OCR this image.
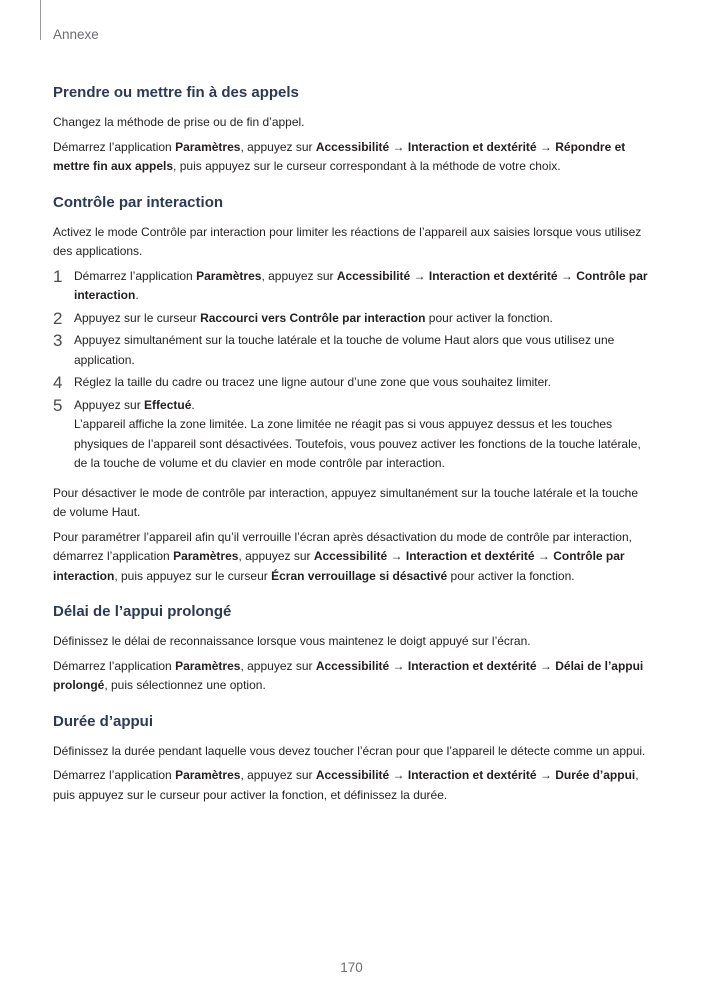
Annexe
Prendre ou mettre fin à des appels

Changez la méthode de prise ou de fin d’appel.

Démarrez l’application Paramètres, appuyez sur Accessibilité → Interaction et dextérité → Répondre et mettre fin aux appels, puis appuyez sur le curseur correspondant à la méthode de votre choix.

Contrôle par interaction

Activez le mode Contrôle par interaction pour limiter les réactions de l’appareil aux saisies lorsque vous utilisez des applications.

1 Démarrez l’application Paramètres, appuyez sur Accessibilité → Interaction et dextérité → Contrôle par interaction.

2 Appuyez sur le curseur Raccourci vers Contrôle par interaction pour activer la fonction.

3 Appuyez simultanément sur la touche latérale et la touche de volume Haut alors que vous utilisez une application.

4 Réglez la taille du cadre ou tracez une ligne autour d’une zone que vous souhaitez limiter.

5 Appuyez sur Effectué.

L’appareil affiche la zone limitée. La zone limitée ne réagit pas si vous appuyez dessus et les touches physiques de l’appareil sont désactivées. Toutefois, vous pouvez activer les fonctions de la touche latérale, de la touche de volume et du clavier en mode contrôle par interaction.

Pour désactiver le mode de contrôle par interaction, appuyez simultanément sur la touche latérale et la touche de volume Haut.

Pour paramétrer l’appareil afin qu’il verrouille l’écran après désactivation du mode de contrôle par interaction, démarrez l’application Paramètres, appuyez sur Accessibilité → Interaction et dextérité → Contrôle par interaction, puis appuyez sur le curseur Écran verrouillage si désactivé pour activer la fonction.

Délai de l’appui prolongé

Définissez le délai de reconnaissance lorsque vous maintenez le doigt appuyé sur l’écran.

Démarrez l’application Paramètres, appuyez sur Accessibilité → Interaction et dextérité → Délai de l’appui prolongé, puis sélectionnez une option.

Durée d’appui

Définissez la durée pendant laquelle vous devez toucher l’écran pour que l’appareil le détecte comme un appui.

Démarrez l’application Paramètres, appuyez sur Accessibilité → Interaction et dextérité → Durée d’appui, puis appuyez sur le curseur pour activer la fonction, et définissez la durée.

170
